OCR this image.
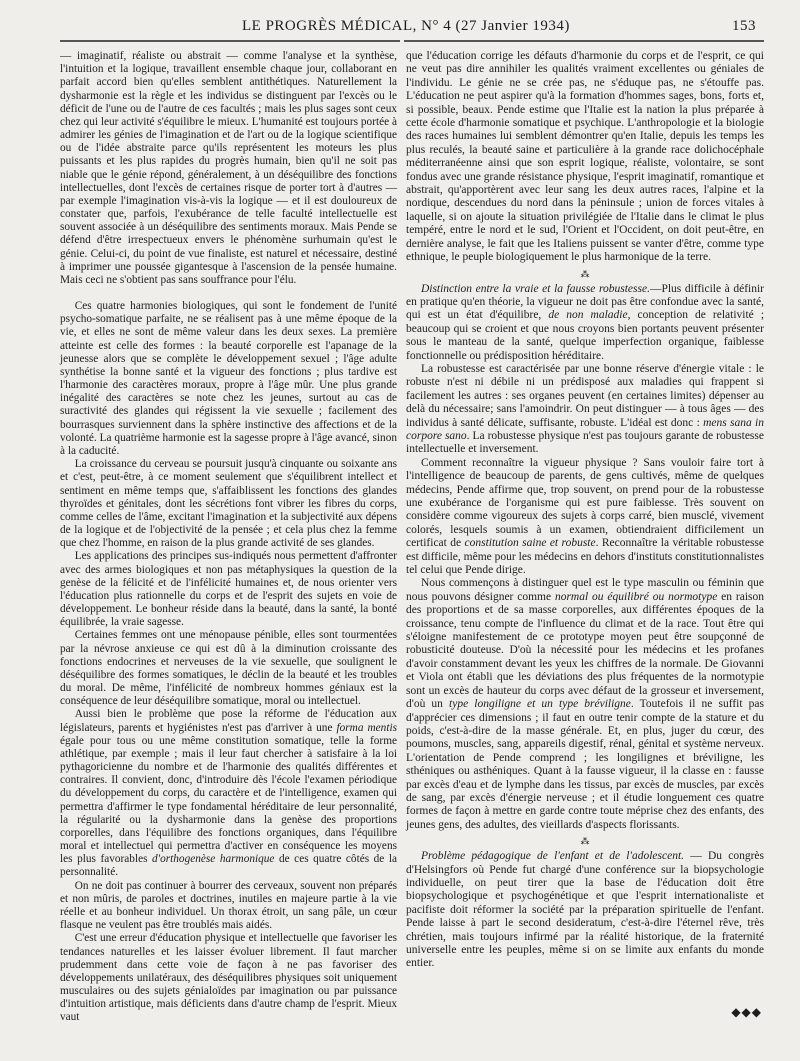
LE PROGRÈS MÉDICAL, N° 4 (27 Janvier 1934)	153

— imaginatif, réaliste ou abstrait — comme l'analyse et la synthèse, l'intuition et la logique, travaillent ensemble chaque jour, collaborant en parfait accord bien qu'elles semblent antithétiques. Naturellement la dysharmonie est la règle et les individus se distinguent par l'excès ou le déficit de l'une ou de l'autre de ces facultés ; mais les plus sages sont ceux chez qui leur activité s'équilibre le mieux. L'humanité est toujours portée à admirer les génies de l'imagination et de l'art ou de la logique scientifique ou de l'idée abstraite parce qu'ils représentent les moteurs les plus puissants et les plus rapides du progrès humain, bien qu'il ne soit pas niable que le génie répond, généralement, à un déséquilibre des fonctions intellectuelles, dont l'excès de certaines risque de porter tort à d'autres — par exemple l'imagination vis-à-vis la logique — et il est douloureux de constater que, parfois, l'exubérance de telle faculté intellectuelle est souvent associée à un déséquilibre des sentiments moraux. Mais Pende se défend d'être irrespectueux envers le phénomène surhumain qu'est le génie. Celui-ci, du point de vue finaliste, est naturel et nécessaire, destiné à imprimer une poussée gigantesque à l'ascension de la pensée humaine. Mais ceci ne s'obtient pas sans souffrance pour l'élu.

Ces quatre harmonies biologiques, qui sont le fondement de l'unité psycho-somatique parfaite, ne se réalisent pas à une même époque de la vie, et elles ne sont de même valeur dans les deux sexes. La première atteinte est celle des formes : la beauté corporelle est l'apanage de la jeunesse alors que se complète le développement sexuel ; l'âge adulte synthétise la bonne santé et la vigueur des fonctions ; plus tardive est l'harmonie des caractères moraux, propre à l'âge mûr. Une plus grande inégalité des caractères se note chez les jeunes, surtout au cas de suractivité des glandes qui régissent la vie sexuelle ; facilement des bourrasques surviennent dans la sphère instinctive des affections et de la volonté. La quatrième harmonie est la sagesse propre à l'âge avancé, sinon à la caducité.

La croissance du cerveau se poursuit jusqu'à cinquante ou soixante ans et c'est, peut-être, à ce moment seulement que s'équilibrent intellect et sentiment en même temps que, s'affaiblissent les fonctions des glandes thyroïdes et génitales, dont les sécrétions font vibrer les fibres du corps, comme celles de l'âme, excitant l'imagination et la subjectivité aux dépens de la logique et de l'objectivité de la pensée ; et cela plus chez la femme que chez l'homme, en raison de la plus grande activité de ses glandes.

Les applications des principes sus-indiqués nous permettent d'affronter avec des armes biologiques et non pas métaphysiques la question de la genèse de la félicité et de l'infélicité humaines et, de nous orienter vers l'éducation plus rationnelle du corps et de l'esprit des sujets en voie de développement. Le bonheur réside dans la beauté, dans la santé, la bonté équilibrée, la vraie sagesse.

Certaines femmes ont une ménopause pénible, elles sont tourmentées par la névrose anxieuse ce qui est dû à la diminution croissante des fonctions endocrines et nerveuses de la vie sexuelle, que soulignent le déséquilibre des formes somatiques, le déclin de la beauté et les troubles du moral. De même, l'infélicité de nombreux hommes géniaux est la conséquence de leur déséquilibre somatique, moral ou intellectuel.

Aussi bien le problème que pose la réforme de l'éducation aux législateurs, parents et hygiénistes n'est pas d'arriver à une forma mentis égale pour tous ou une même constitution somatique, telle la forme athlétique, par exemple ; mais il leur faut chercher à satisfaire à la loi pythagoricienne du nombre et de l'harmonie des qualités différentes et contraires. Il convient, donc, d'introduire dès l'école l'examen périodique du développement du corps, du caractère et de l'intelligence, examen qui permettra d'affirmer le type fondamental héréditaire de leur personnalité, la régularité ou la dysharmonie dans la genèse des proportions corporelles, dans l'équilibre des fonctions organiques, dans l'équilibre moral et intellectuel qui permettra d'activer en conséquence les moyens les plus favorables d'orthogenèse harmonique de ces quatre côtés de la personnalité.

On ne doit pas continuer à bourrer des cerveaux, souvent non préparés et non mûris, de paroles et doctrines, inutiles en majeure partie à la vie réelle et au bonheur individuel. Un thorax étroit, un sang pâle, un cœur flasque ne veulent pas être troublés mais aidés.

C'est une erreur d'éducation physique et intellectuelle que favoriser les tendances naturelles et les laisser évoluer librement. Il faut marcher prudemment dans cette voie de façon à ne pas favoriser des développements unilatéraux, des déséquilibres physiques soit uniquement musculaires ou des sujets génialoïdes par imagination ou par puissance d'intuition artistique, mais déficients dans d'autre champ de l'esprit. Mieux vaut

que l'éducation corrige les défauts d'harmonie du corps et de l'esprit, ce qui ne veut pas dire annihiler les qualités vraiment excellentes ou géniales de l'individu. Le génie ne se crée pas, ne s'éduque pas, ne s'étouffe pas. L'éducation ne peut aspirer qu'à la formation d'hommes sages, bons, forts et, si possible, beaux. Pende estime que l'Italie est la nation la plus préparée à cette école d'harmonie somatique et psychique. L'anthropologie et la biologie des races humaines lui semblent démontrer qu'en Italie, depuis les temps les plus reculés, la beauté saine et particulière à la grande race dolichocéphale méditerranéenne ainsi que son esprit logique, réaliste, volontaire, se sont fondus avec une grande résistance physique, l'esprit imaginatif, romantique et abstrait, qu'apportèrent avec leur sang les deux autres races, l'alpine et la nordique, descendues du nord dans la péninsule ; union de forces vitales à laquelle, si on ajoute la situation privilégiée de l'Italie dans le climat le plus tempéré, entre le nord et le sud, l'Orient et l'Occident, on doit peut-être, en dernière analyse, le fait que les Italiens puissent se vanter d'être, comme type ethnique, le peuple biologiquement le plus harmonique de la terre.

⁂

Distinction entre la vraie et la fausse robustesse.—Plus difficile à définir en pratique qu'en théorie, la vigueur ne doit pas être confondue avec la santé, qui est un état d'équilibre, de non maladie, conception de relativité ; beaucoup qui se croient et que nous croyons bien portants peuvent présenter sous le manteau de la santé, quelque imperfection organique, faiblesse fonctionnelle ou prédisposition héréditaire.

La robustesse est caractérisée par une bonne réserve d'énergie vitale : le robuste n'est ni débile ni un prédisposé aux maladies qui frappent si facilement les autres : ses organes peuvent (en certaines limites) dépenser au delà du nécessaire; sans l'amoindrir. On peut distinguer — à tous âges — des individus à santé délicate, suffisante, robuste. L'idéal est donc : mens sana in corpore sano. La robustesse physique n'est pas toujours garante de robustesse intellectuelle et inversement.

Comment reconnaître la vigueur physique ? Sans vouloir faire tort à l'intelligence de beaucoup de parents, de gens cultivés, même de quelques médecins, Pende affirme que, trop souvent, on prend pour de la robustesse une exubérance de l'organisme qui est pure faiblesse. Très souvent on considère comme vigoureux des sujets à corps carré, bien musclé, vivement colorés, lesquels soumis à un examen, obtiendraient difficilement un certificat de constitution saine et robuste. Reconnaître la véritable robustesse est difficile, même pour les médecins en dehors d'instituts constitutionnalistes tel celui que Pende dirige.

Nous commençons à distinguer quel est le type masculin ou féminin que nous pouvons désigner comme normal ou équilibré ou normotype en raison des proportions et de sa masse corporelles, aux différentes époques de la croissance, tenu compte de l'influence du climat et de la race. Tout être qui s'éloigne manifestement de ce prototype moyen peut être soupçonné de robusticité douteuse. D'où la nécessité pour les médecins et les profanes d'avoir constamment devant les yeux les chiffres de la normale. De Giovanni et Viola ont établi que les déviations des plus fréquentes de la normotypie sont un excès de hauteur du corps avec défaut de la grosseur et inversement, d'où un type longiligne et un type bréviligne. Toutefois il ne suffit pas d'apprécier ces dimensions ; il faut en outre tenir compte de la stature et du poids, c'est-à-dire de la masse générale. Et, en plus, juger du cœur, des poumons, muscles, sang, appareils digestif, rénal, génital et système nerveux. L'orientation de Pende comprend ; les longilignes et bréviligne, les sthéniques ou asthéniques. Quant à la fausse vigueur, il la classe en : fausse par excès d'eau et de lymphe dans les tissus, par excès de muscles, par excès de sang, par excès d'énergie nerveuse ; et il étudie longuement ces quatre formes de façon à mettre en garde contre toute méprise chez des enfants, des jeunes gens, des adultes, des vieillards d'aspects florissants.

⁂

Problème pédagogique de l'enfant et de l'adolescent. — Du congrès d'Helsingfors où Pende fut chargé d'une conférence sur la biopsychologie individuelle, on peut tirer que la base de l'éducation doit être biopsychologique et psychogénétique et que l'esprit internationaliste et pacifiste doit réformer la société par la préparation spirituelle de l'enfant. Pende laisse à part le second desideratum, c'est-à-dire l'éternel rêve, très chrétien, mais toujours infirmé par la réalité historique, de la fraternité universelle entre les peuples, même si on se limite aux enfants du monde entier.

◆◆◆
